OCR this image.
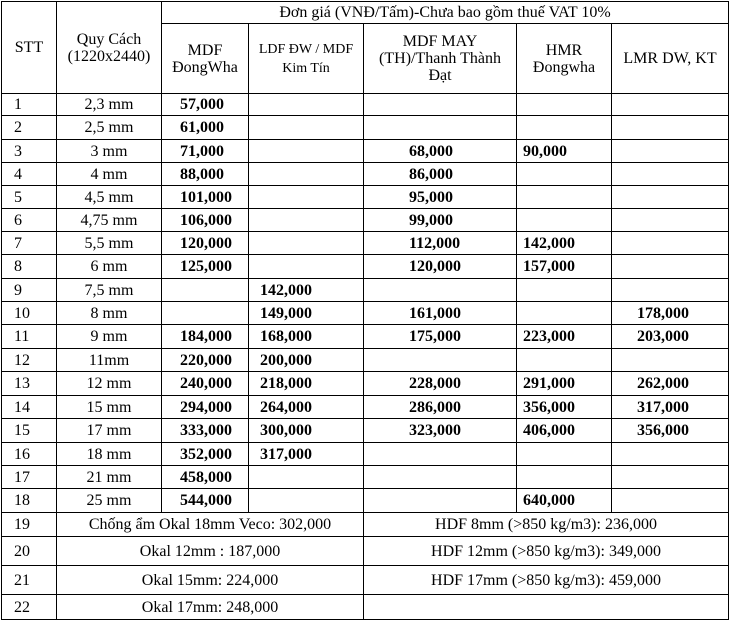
STT	Quy Cách (1220x2440)	Đơn giá (VNĐ/Tấm)-Chưa bao gồm thuế VAT 10%				
		MDF ĐongWha	LDF ĐW / MDF Kim Tín	MDF MAY (TH)/Thanh Thành Đạt	HMR Đongwha	LMR DW, KT
1	2,3 mm	57,000				
2	2,5 mm	61,000				
3	3 mm	71,000		68,000	90,000	
4	4 mm	88,000		86,000		
5	4,5 mm	101,000		95,000		
6	4,75 mm	106,000		99,000		
7	5,5 mm	120,000		112,000	142,000	
8	6 mm	125,000		120,000	157,000	
9	7,5 mm		142,000			
10	8 mm		149,000	161,000		178,000
11	9 mm	184,000	168,000	175,000	223,000	203,000
12	11mm	220,000	200,000			
13	12 mm	240,000	218,000	228,000	291,000	262,000
14	15 mm	294,000	264,000	286,000	356,000	317,000
15	17 mm	333,000	300,000	323,000	406,000	356,000
16	18 mm	352,000	317,000			
17	21 mm	458,000				
18	25 mm	544,000			640,000	
19	Chống ẩm Okal 18mm Veco: 302,000			HDF 8mm (>850 kg/m3): 236,000		
20	Okal 12mm : 187,000			HDF 12mm (>850 kg/m3): 349,000		
21	Okal 15mm: 224,000			HDF 17mm (>850 kg/m3): 459,000		
22	Okal 17mm: 248,000					
